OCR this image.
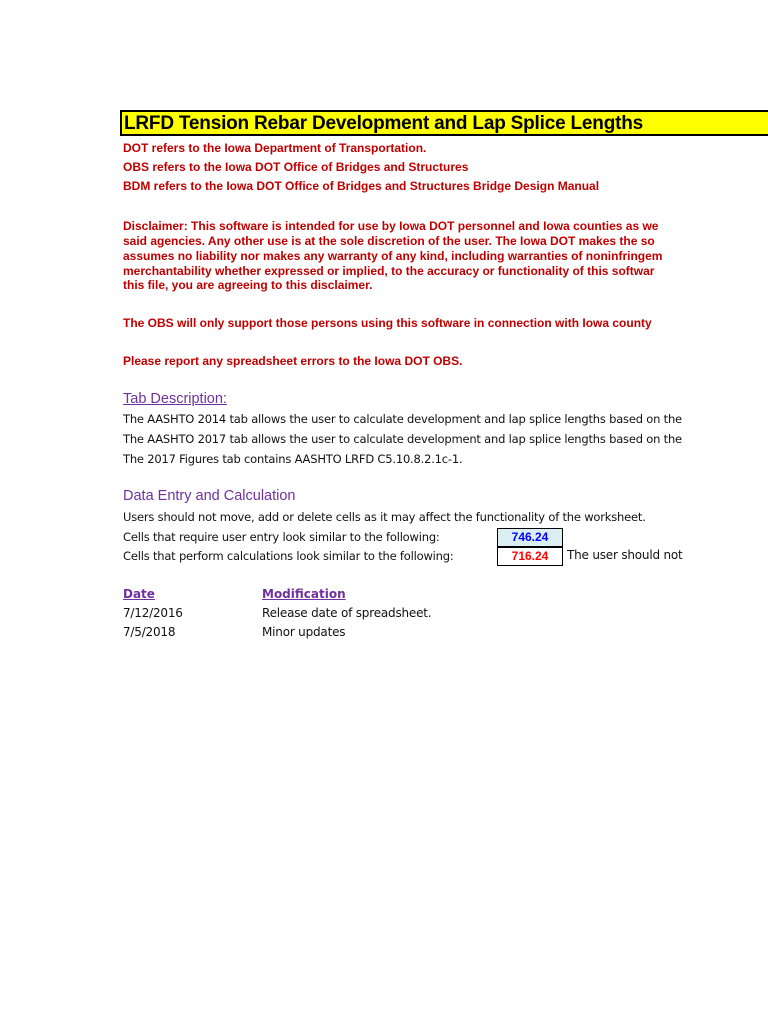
LRFD Tension Rebar Development and Lap Splice Lengths
DOT refers to the Iowa Department of Transportation.
OBS refers to the Iowa DOT Office of Bridges and Structures
BDM refers to the Iowa DOT Office of Bridges and Structures Bridge Design Manual
Disclaimer: This software is intended for use by Iowa DOT personnel and Iowa counties as we
said agencies. Any other use is at the sole discretion of the user. The Iowa DOT makes the so
assumes no liability nor makes any warranty of any kind, including warranties of noninfringem
merchantability whether expressed or implied, to the accuracy or functionality of this softwar
this file, you are agreeing to this disclaimer.
The OBS will only support those persons using this software in connection with Iowa county
Please report any spreadsheet errors to the Iowa DOT OBS.
Tab Description:
The AASHTO 2014 tab allows the user to calculate development and lap splice lengths based on the
The AASHTO 2017 tab allows the user to calculate development and lap splice lengths based on the
The 2017 Figures tab contains AASHTO LRFD C5.10.8.2.1c-1.
Data Entry and Calculation
Users should not move, add or delete cells as it may affect the functionality of the worksheet.
Cells that require user entry look similar to the following:
Cells that perform calculations look similar to the following:
746.24
716.24	The user should not
Date	Modification
7/12/2016	Release date of spreadsheet.
7/5/2018	Minor updates
